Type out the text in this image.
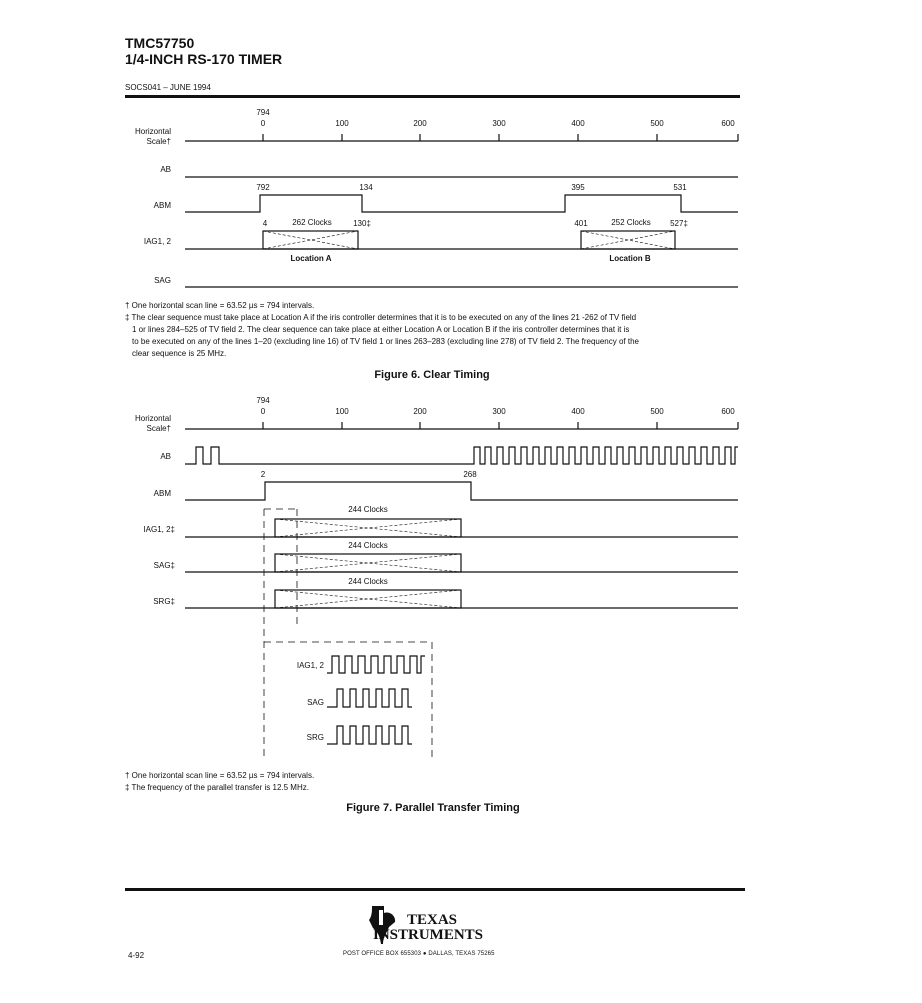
TMC57750
1/4-INCH RS-170 TIMER
SOCS041 – JUNE 1994
794
0	100	200	300	400	500	600
Horizontal
Scale†
AB
ABM
IAG1, 2
SAG
792	134	395	531
4	262 Clocks	130‡	401	252 Clocks 527‡
Location A	Location B
† One horizontal scan line = 63.52 µs = 794 intervals.
‡ The clear sequence must take place at Location A if the iris controller determines that it is to be executed on any of the lines 21 -262 of TV field
1 or lines 284–525 of TV field 2. The clear sequence can take place at either Location A or Location B if the iris controller determines that it is
to be executed on any of the lines 1–20 (excluding line 16) of TV field 1 or lines 263–283 (excluding line 278) of TV field 2. The frequency of the
clear sequence is 25 MHz.
Figure 6. Clear Timing
794
0	100	200	300	400	500	600
Horizontal
Scale†
AB
ABM
IAG1, 2‡
SAG‡
SRG‡
2	268
244 Clocks
244 Clocks
244 Clocks
IAG1, 2
SAG
SRG
† One horizontal scan line = 63.52 µs = 794 intervals.
‡ The frequency of the parallel transfer is 12.5 MHz.
Figure 7. Parallel Transfer Timing
TEXAS
INSTRUMENTS
4-92	POST OFFICE BOX 655303 ● DALLAS, TEXAS 75265
